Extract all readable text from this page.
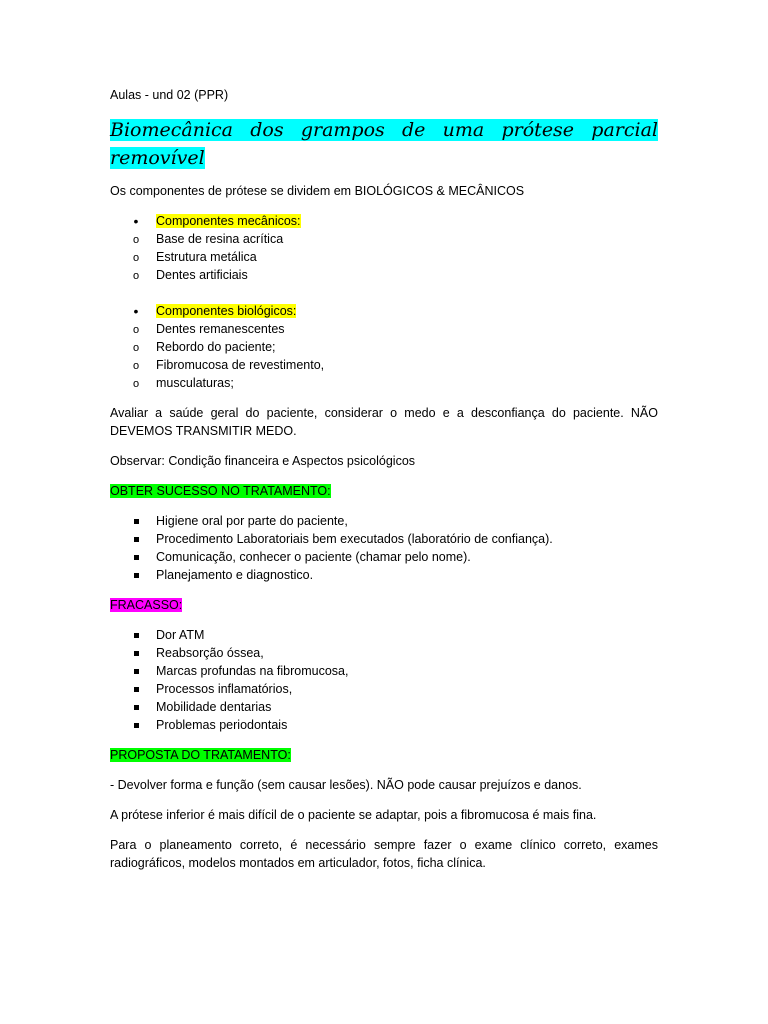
Aulas - und 02 (PPR)
Biomecânica dos grampos de uma prótese parcial removível
Os componentes de prótese se dividem em BIOLÓGICOS & MECÂNICOS
•
Componentes mecânicos:
o
Base de resina acrítica
o
Estrutura metálica
o
Dentes artificiais
•
Componentes biológicos:
o
Dentes remanescentes
o
Rebordo do paciente;
o
Fibromucosa de revestimento,
o
musculaturas;
Avaliar a saúde geral do paciente, considerar o medo e a desconfiança do paciente. NÃO DEVEMOS TRANSMITIR MEDO.
Observar: Condição financeira e Aspectos psicológicos
OBTER SUCESSO NO TRATAMENTO:
Higiene oral por parte do paciente,
Procedimento Laboratoriais bem executados (laboratório de confiança).
Comunicação, conhecer o paciente (chamar pelo nome).
Planejamento e diagnostico.
FRACASSO:
Dor ATM
Reabsorção óssea,
Marcas profundas na fibromucosa,
Processos inflamatórios,
Mobilidade dentarias
Problemas periodontais
PROPOSTA DO TRATAMENTO:
- Devolver forma e função (sem causar lesões). NÃO pode causar prejuízos e danos.
A prótese inferior é mais difícil de o paciente se adaptar, pois a fibromucosa é mais fina.
Para o planeamento correto, é necessário sempre fazer o exame clínico correto, exames radiográficos, modelos montados em articulador, fotos, ficha clínica.
